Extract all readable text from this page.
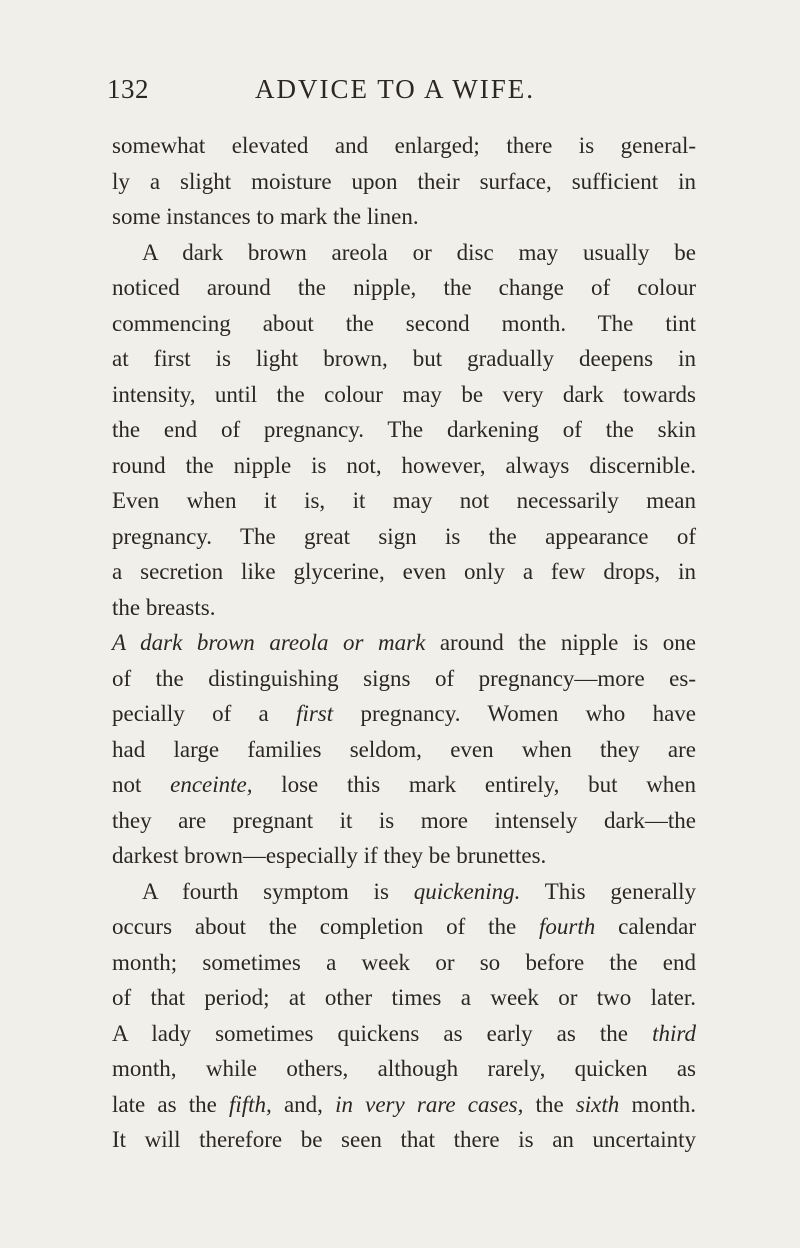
132	ADVICE TO A WIFE.
somewhat elevated and enlarged; there is general-
ly a slight moisture upon their surface, sufficient in
some instances to mark the linen.
A dark brown areola or disc may usually be
noticed around the nipple, the change of colour
commencing about the second month. The tint
at first is light brown, but gradually deepens in
intensity, until the colour may be very dark towards
the end of pregnancy. The darkening of the skin
round the nipple is not, however, always discernible.
Even when it is, it may not necessarily mean
pregnancy. The great sign is the appearance of
a secretion like glycerine, even only a few drops, in
the breasts.
A dark brown areola or mark around the nipple is one
of the distinguishing signs of pregnancy—more es-
pecially of a first pregnancy. Women who have
had large families seldom, even when they are
not enceinte, lose this mark entirely, but when
they are pregnant it is more intensely dark—the
darkest brown—especially if they be brunettes.
A fourth symptom is quickening. This generally
occurs about the completion of the fourth calendar
month; sometimes a week or so before the end
of that period; at other times a week or two later.
A lady sometimes quickens as early as the third
month, while others, although rarely, quicken as
late as the fifth, and, in very rare cases, the sixth month.
It will therefore be seen that there is an uncertainty
